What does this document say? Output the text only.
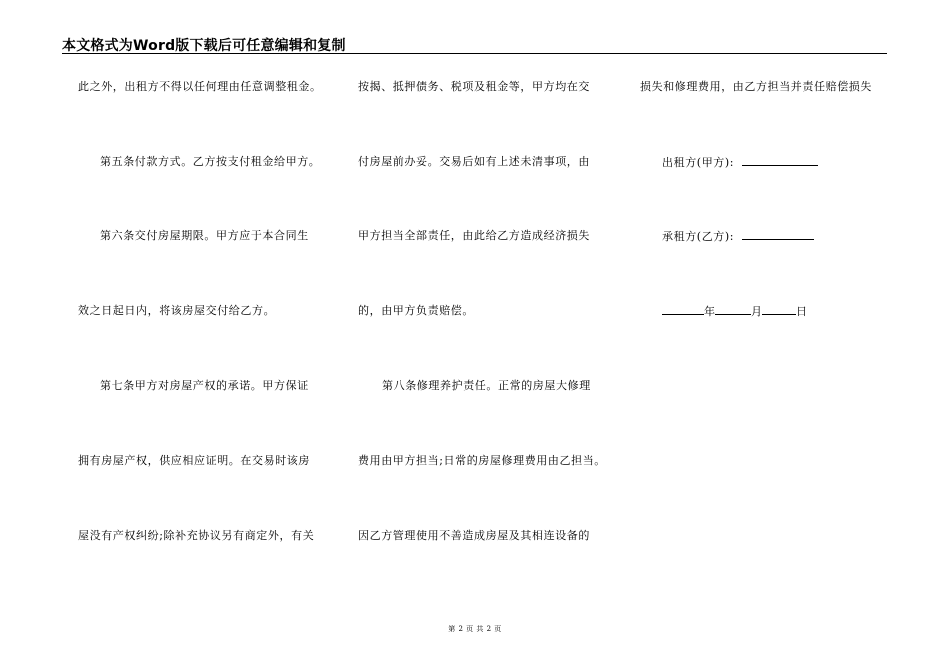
本文格式为Word版下载后可任意编辑和复制
此之外，出租方不得以任何理由任意调整租金。
第五条付款方式。乙方按支付租金给甲方。
第六条交付房屋期限。甲方应于本合同生
效之日起日内，将该房屋交付给乙方。
第七条甲方对房屋产权的承诺。甲方保证
拥有房屋产权，供应相应证明。在交易时该房
屋没有产权纠纷;除补充协议另有商定外，有关
按揭、抵押债务、税项及租金等，甲方均在交
付房屋前办妥。交易后如有上述未清事项，由
甲方担当全部责任，由此给乙方造成经济损失
的，由甲方负责赔偿。
第八条修理养护责任。正常的房屋大修理
费用由甲方担当;日常的房屋修理费用由乙担当。
因乙方管理使用不善造成房屋及其相连设备的
损失和修理费用，由乙方担当并责任赔偿损失
出租方(甲方):
承租方(乙方):
年	月	日
第 2 页 共 2 页
